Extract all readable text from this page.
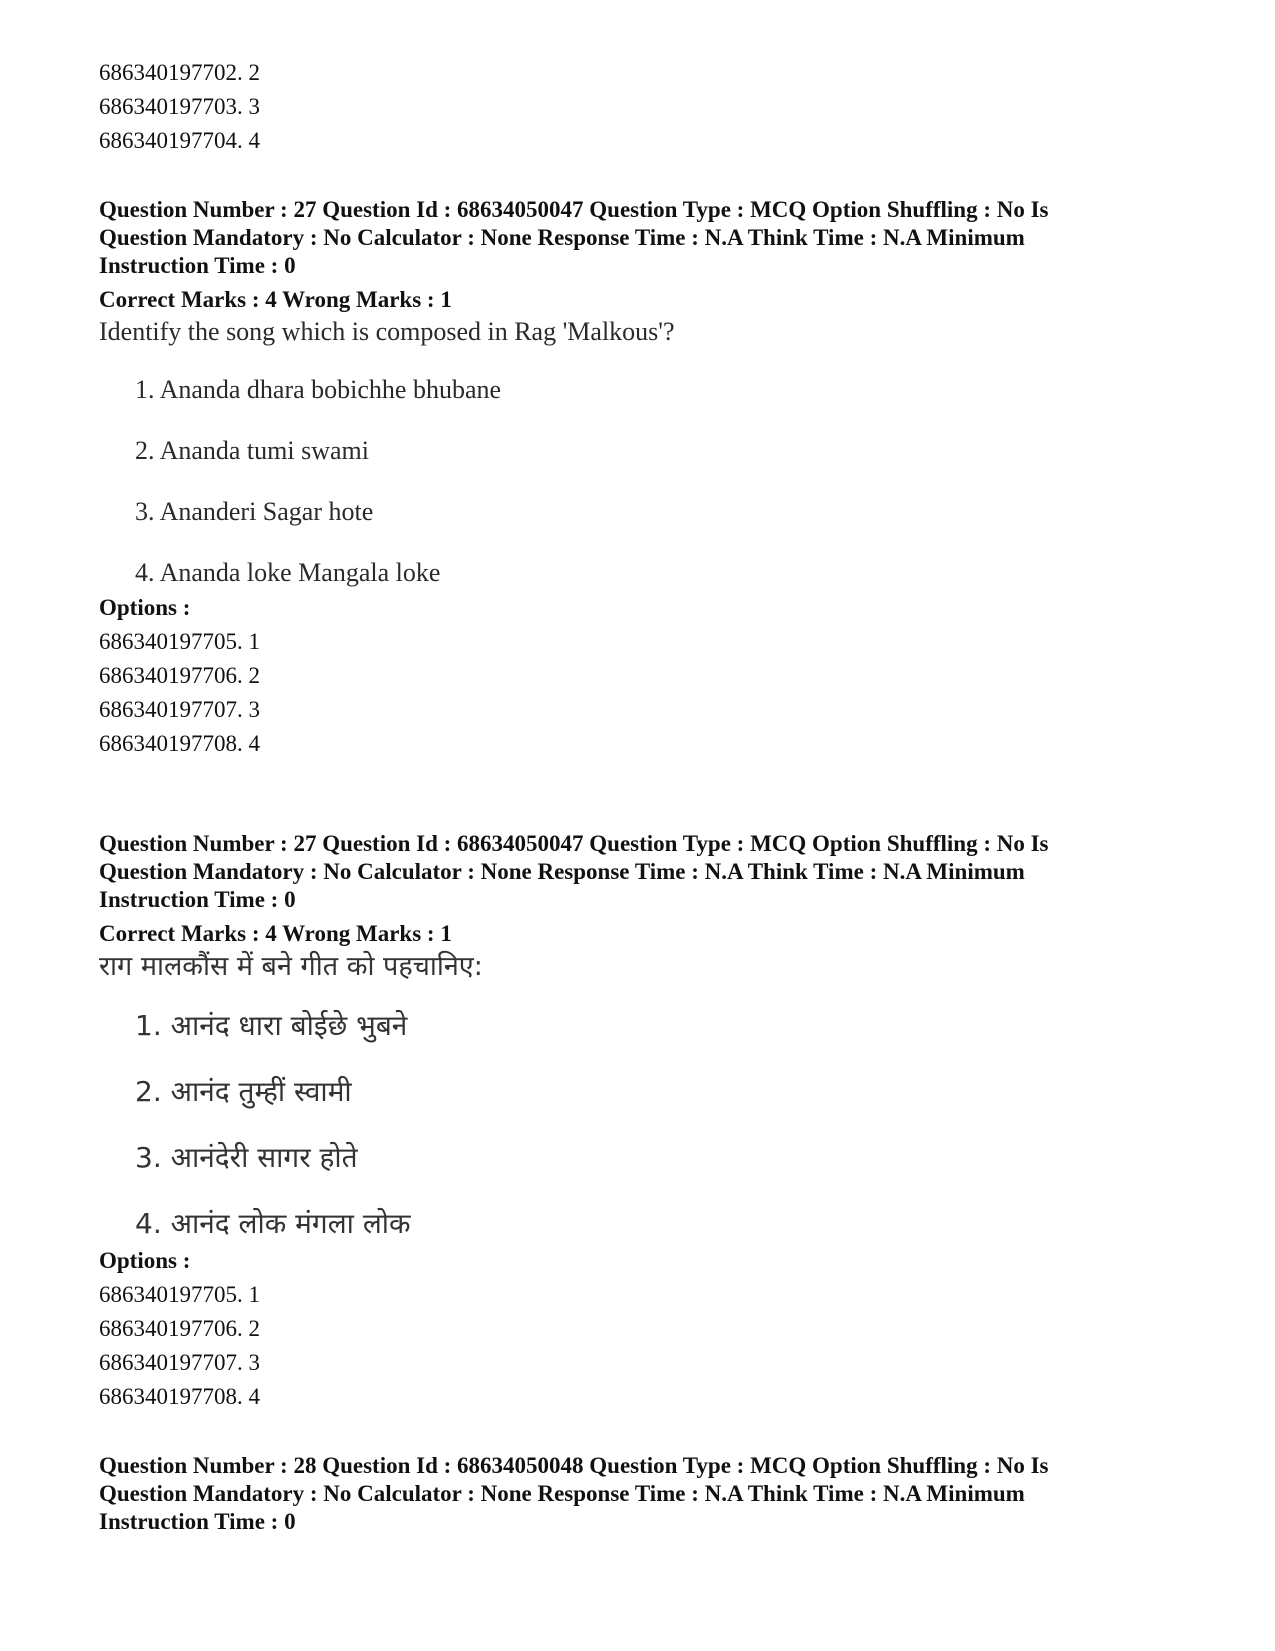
686340197702. 2
686340197703. 3
686340197704. 4
Question Number : 27 Question Id : 68634050047 Question Type : MCQ Option Shuffling : No Is
Question Mandatory : No Calculator : None Response Time : N.A Think Time : N.A Minimum
Instruction Time : 0
Correct Marks : 4 Wrong Marks : 1
Identify the song which is composed in Rag 'Malkous'?
1. Ananda dhara bobichhe bhubane
2. Ananda tumi swami
3. Ananderi Sagar hote
4. Ananda loke Mangala loke
Options :
686340197705. 1
686340197706. 2
686340197707. 3
686340197708. 4
Question Number : 27 Question Id : 68634050047 Question Type : MCQ Option Shuffling : No Is
Question Mandatory : No Calculator : None Response Time : N.A Think Time : N.A Minimum
Instruction Time : 0
Correct Marks : 4 Wrong Marks : 1
राग मालकौंस में बने गीत को पहचानिए:
1. आनंद धारा बोईछे भुबने
2. आनंद तुम्हीं स्वामी
3. आनंदेरी सागर होते
4. आनंद लोक मंगला लोक
Options :
686340197705. 1
686340197706. 2
686340197707. 3
686340197708. 4
Question Number : 28 Question Id : 68634050048 Question Type : MCQ Option Shuffling : No Is
Question Mandatory : No Calculator : None Response Time : N.A Think Time : N.A Minimum
Instruction Time : 0
